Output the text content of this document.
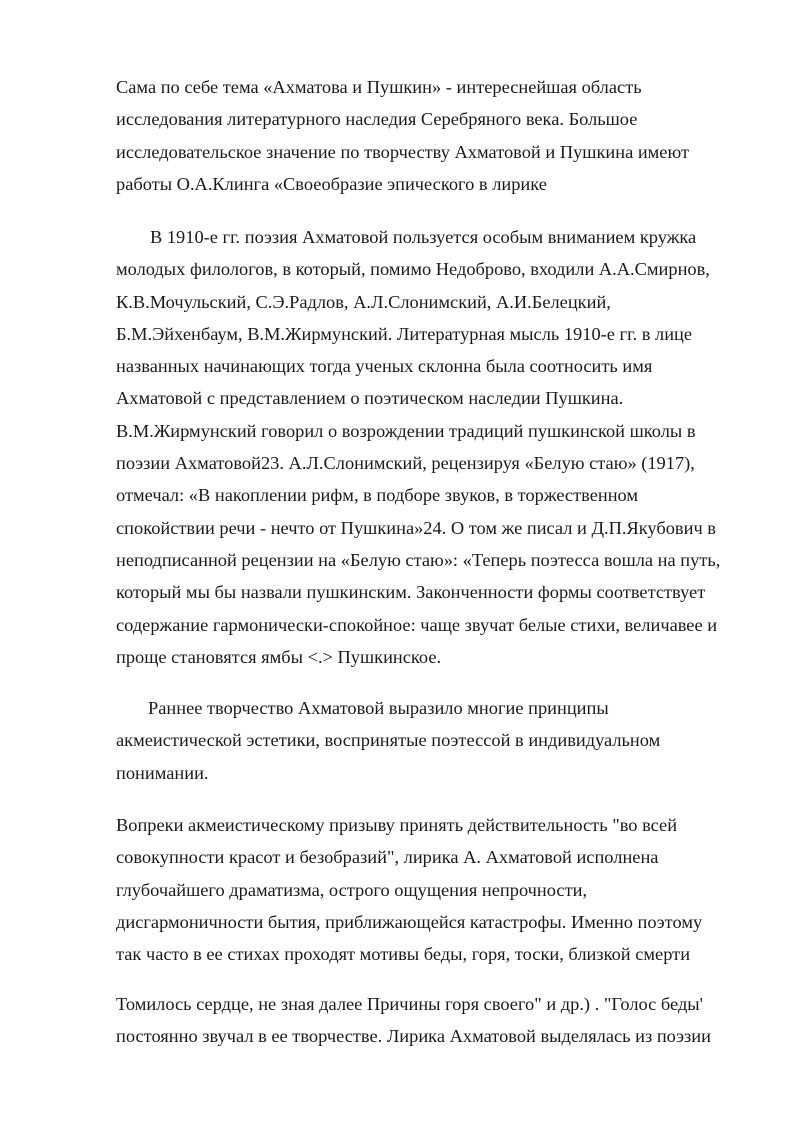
Сама по себе тема «Ахматова и Пушкин» - интереснейшая область
исследования литературного наследия Серебряного века. Большое
исследовательское значение по творчеству Ахматовой и Пушкина имеют
работы О.А.Клинга «Своеобразие эпического в лирике
В 1910-е гг. поэзия Ахматовой пользуется особым вниманием кружка
молодых филологов, в который, помимо Недоброво, входили А.А.Смирнов,
К.В.Мочульский, С.Э.Радлов, А.Л.Слонимский, А.И.Белецкий,
Б.М.Эйхенбаум, В.М.Жирмунский. Литературная мысль 1910-е гг. в лице
названных начинающих тогда ученых склонна была соотносить имя
Ахматовой с представлением о поэтическом наследии Пушкина.
В.М.Жирмунский говорил о возрождении традиций пушкинской школы в
поэзии Ахматовой23. А.Л.Слонимский, рецензируя «Белую стаю» (1917),
отмечал: «В накоплении рифм, в подборе звуков, в торжественном
спокойствии речи - нечто от Пушкина»24. О том же писал и Д.П.Якубович в
неподписанной рецензии на «Белую стаю»: «Теперь поэтесса вошла на путь,
который мы бы назвали пушкинским. Законченности формы соответствует
содержание гармонически-спокойное: чаще звучат белые стихи, величавее и
проще становятся ямбы <.> Пушкинское.
Раннее творчество Ахматовой выразило многие принципы
акмеистической эстетики, воспринятые поэтессой в индивидуальном
понимании.
Вопреки акмеистическому призыву принять действительность "во всей
совокупности красот и безобразий", лирика А. Ахматовой исполнена
глубочайшего драматизма, острого ощущения непрочности,
дисгармоничности бытия, приближающейся катастрофы. Именно поэтому
так часто в ее стихах проходят мотивы беды, горя, тоски, близкой смерти
Томилось сердце, не зная далее Причины горя своего" и др.) . "Голос беды'
постоянно звучал в ее творчестве. Лирика Ахматовой выделялась из поэзии
